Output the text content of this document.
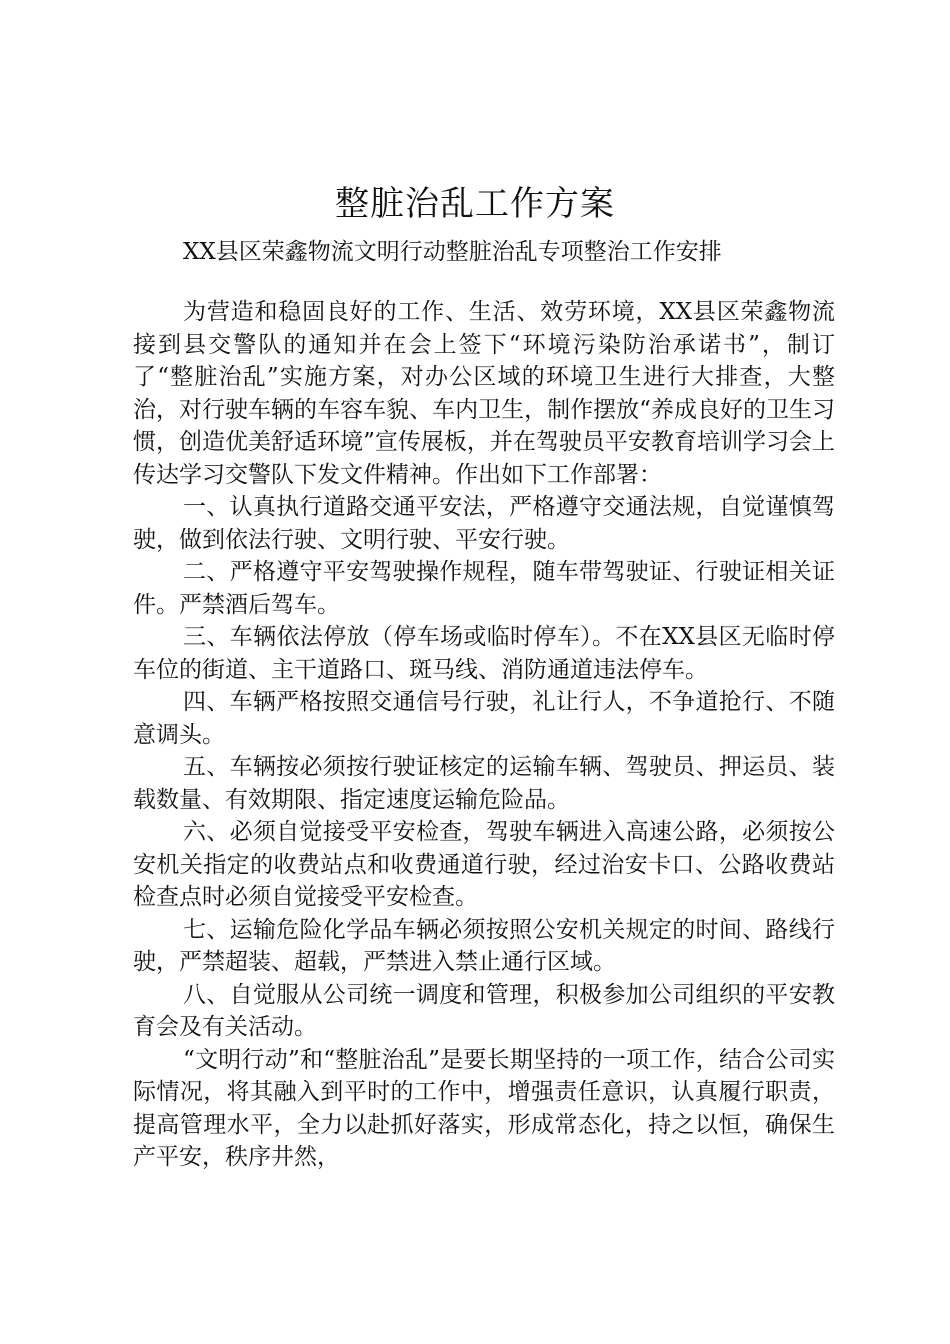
整脏治乱工作方案
XX县区荣鑫物流文明行动整脏治乱专项整治工作安排

为营造和稳固良好的工作、生活、效劳环境，XX县区荣鑫物流接到县交警队的通知并在会上签下“环境污染防治承诺书”，制订了“整脏治乱”实施方案，对办公区域的环境卫生进行大排查，大整治，对行驶车辆的车容车貌、车内卫生，制作摆放“养成良好的卫生习惯，创造优美舒适环境”宣传展板，并在驾驶员平安教育培训学习会上传达学习交警队下发文件精神。作出如下工作部署：

一、认真执行道路交通平安法，严格遵守交通法规，自觉谨慎驾驶，做到依法行驶、文明行驶、平安行驶。

二、严格遵守平安驾驶操作规程，随车带驾驶证、行驶证相关证件。严禁酒后驾车。

三、车辆依法停放（停车场或临时停车）。不在XX县区无临时停车位的街道、主干道路口、斑马线、消防通道违法停车。

四、车辆严格按照交通信号行驶，礼让行人，不争道抢行、不随意调头。

五、车辆按必须按行驶证核定的运输车辆、驾驶员、押运员、装载数量、有效期限、指定速度运输危险品。

六、必须自觉接受平安检查，驾驶车辆进入高速公路，必须按公安机关指定的收费站点和收费通道行驶，经过治安卡口、公路收费站检查点时必须自觉接受平安检查。

七、运输危险化学品车辆必须按照公安机关规定的时间、路线行驶，严禁超装、超载，严禁进入禁止通行区域。

八、自觉服从公司统一调度和管理，积极参加公司组织的平安教育会及有关活动。

“文明行动”和“整脏治乱”是要长期坚持的一项工作，结合公司实际情况，将其融入到平时的工作中，增强责任意识，认真履行职责，提高管理水平，全力以赴抓好落实，形成常态化，持之以恒，确保生产平安，秩序井然，
